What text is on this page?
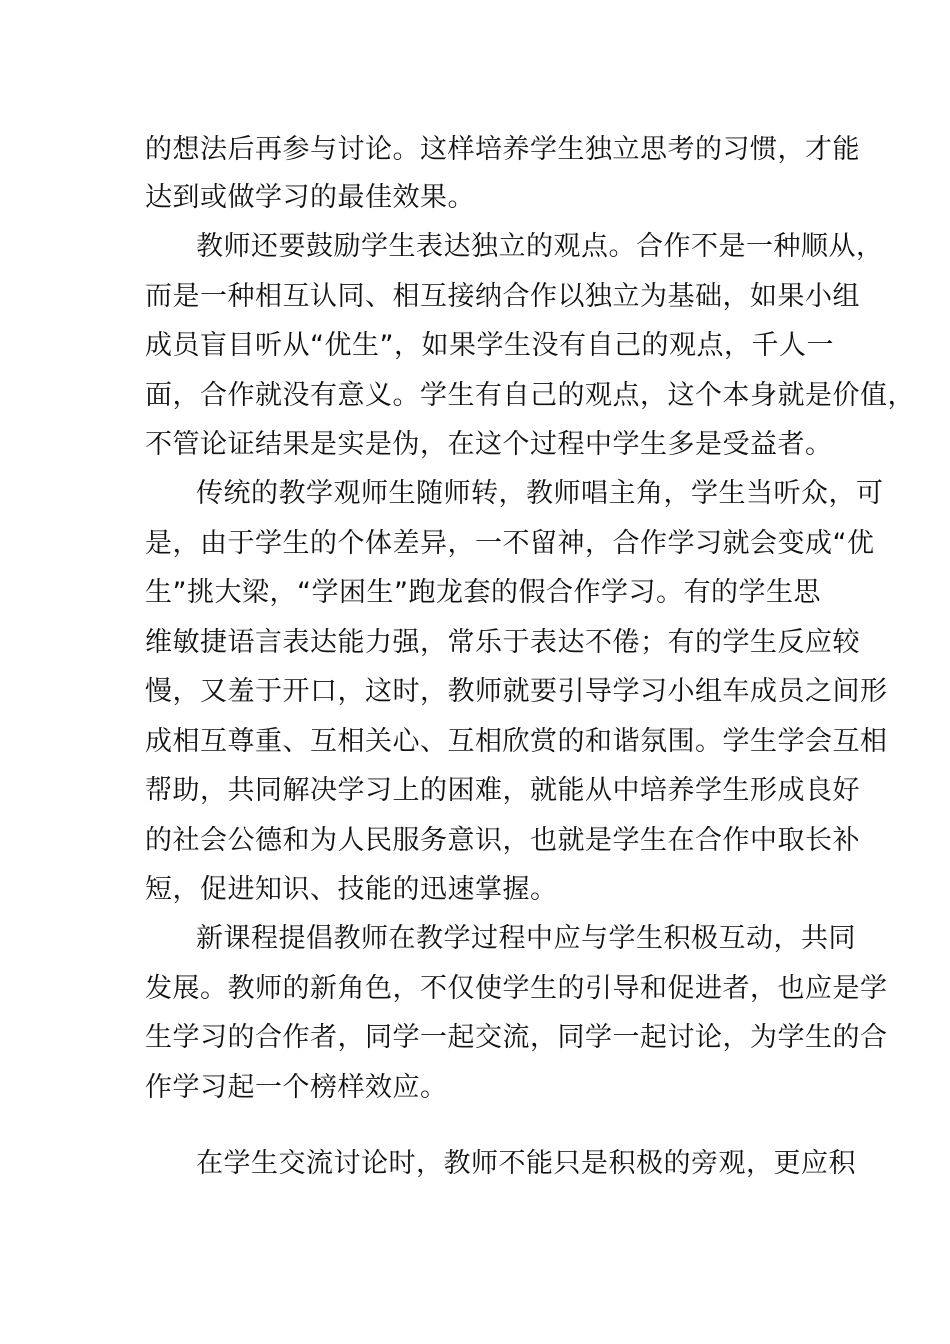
的想法后再参与讨论。这样培养学生独立思考的习惯，才能
达到或做学习的最佳效果。
教师还要鼓励学生表达独立的观点。合作不是一种顺从，
而是一种相互认同、相互接纳合作以独立为基础，如果小组
成员盲目听从“优生”，如果学生没有自己的观点，千人一
面，合作就没有意义。学生有自己的观点，这个本身就是价值，
不管论证结果是实是伪，在这个过程中学生多是受益者。
传统的教学观师生随师转，教师唱主角，学生当听众，可
是，由于学生的个体差异，一不留神，合作学习就会变成“优
生”挑大梁，“学困生”跑龙套的假合作学习。有的学生思
维敏捷语言表达能力强，常乐于表达不倦；有的学生反应较
慢，又羞于开口，这时，教师就要引导学习小组车成员之间形
成相互尊重、互相关心、互相欣赏的和谐氛围。学生学会互相
帮助，共同解决学习上的困难，就能从中培养学生形成良好
的社会公德和为人民服务意识，也就是学生在合作中取长补
短，促进知识、技能的迅速掌握。
新课程提倡教师在教学过程中应与学生积极互动，共同
发展。教师的新角色，不仅使学生的引导和促进者，也应是学
生学习的合作者，同学一起交流，同学一起讨论，为学生的合
作学习起一个榜样效应。
在学生交流讨论时，教师不能只是积极的旁观，更应积
